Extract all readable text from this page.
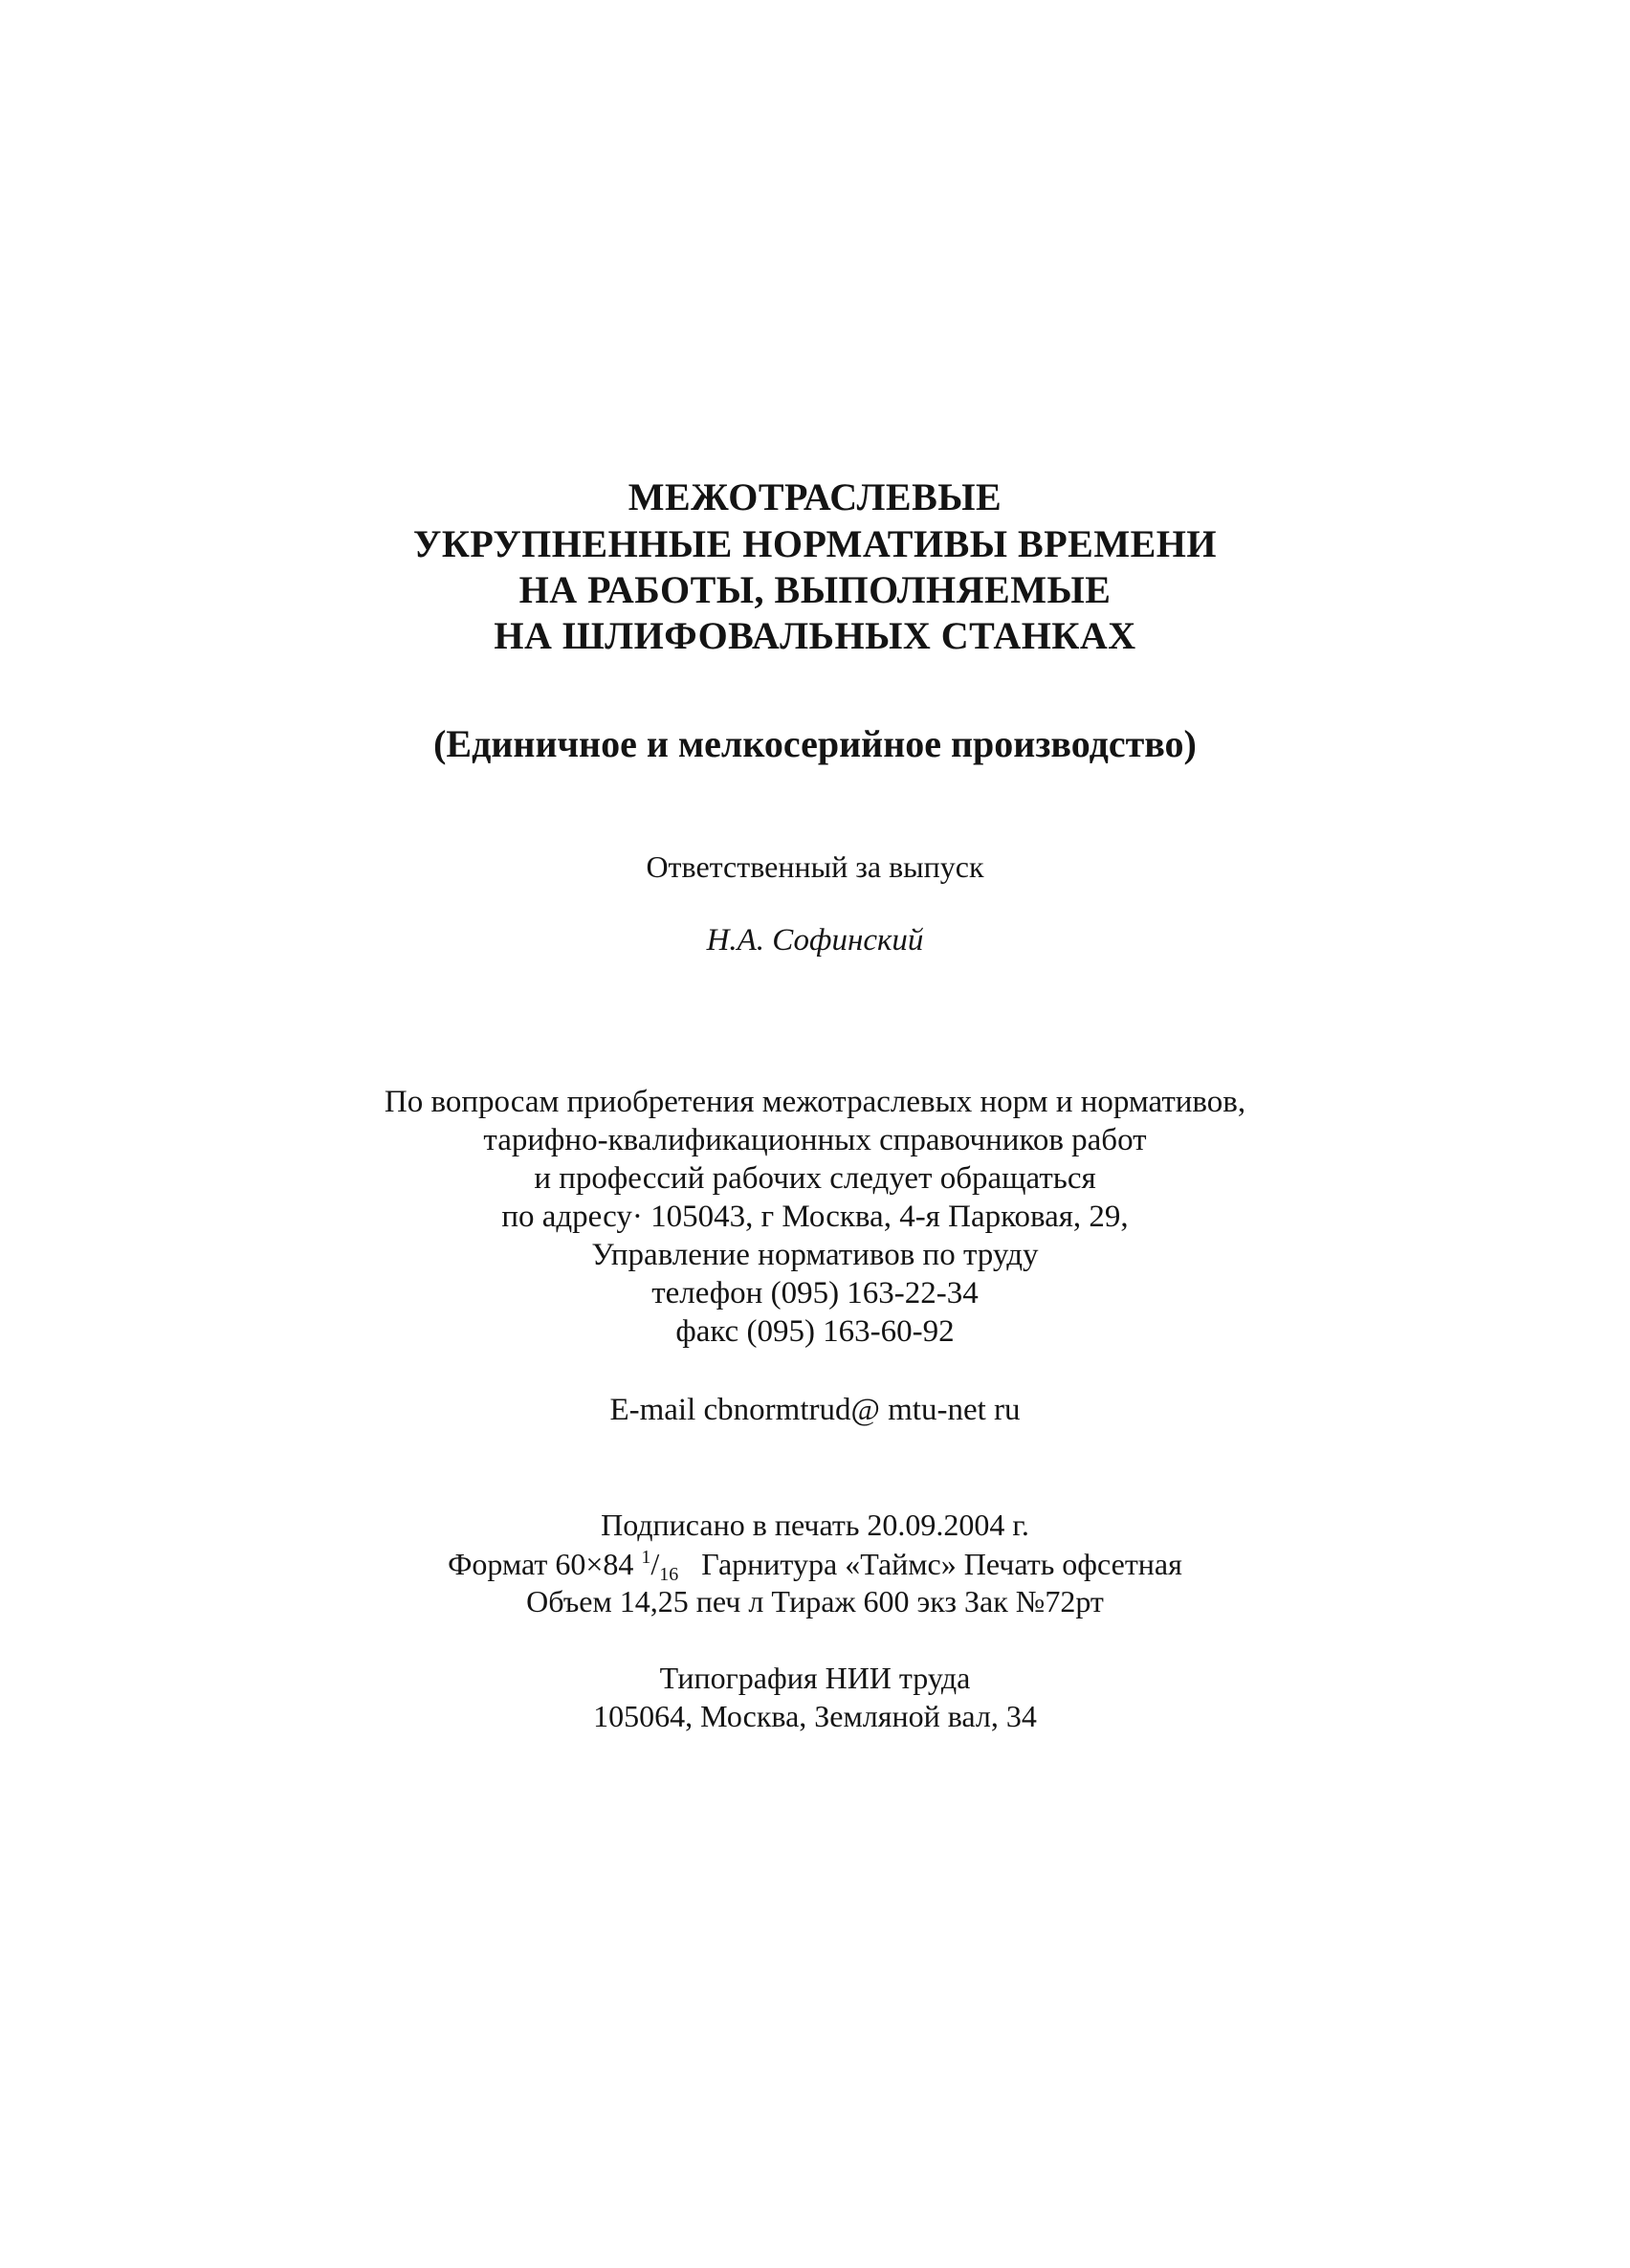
МЕЖОТРАСЛЕВЫЕ
УКРУПНЕННЫЕ НОРМАТИВЫ ВРЕМЕНИ
НА РАБОТЫ, ВЫПОЛНЯЕМЫЕ
НА ШЛИФОВАЛЬНЫХ СТАНКАХ
(Единичное и мелкосерийное производство)
Ответственный за выпуск
Н.А. Софинский
По вопросам приобретения межотраслевых норм и нормативов,
тарифно-квалификационных справочников работ
и профессий рабочих следует обращаться
по адресу· 105043, г Москва, 4-я Парковая, 29,
Управление нормативов по труду
телефон (095) 163-22-34
факс (095) 163-60-92
E-mail cbnormtrud@ mtu-net ru
Подписано в печать 20.09.2004 г.
Формат 60×84 $^1/_{16}$ Гарнитура «Таймс» Печать офсетная
Объем 14,25 печ л Тираж 600 экз Зак №72рт
Типография НИИ труда
105064, Москва, Земляной вал, 34
